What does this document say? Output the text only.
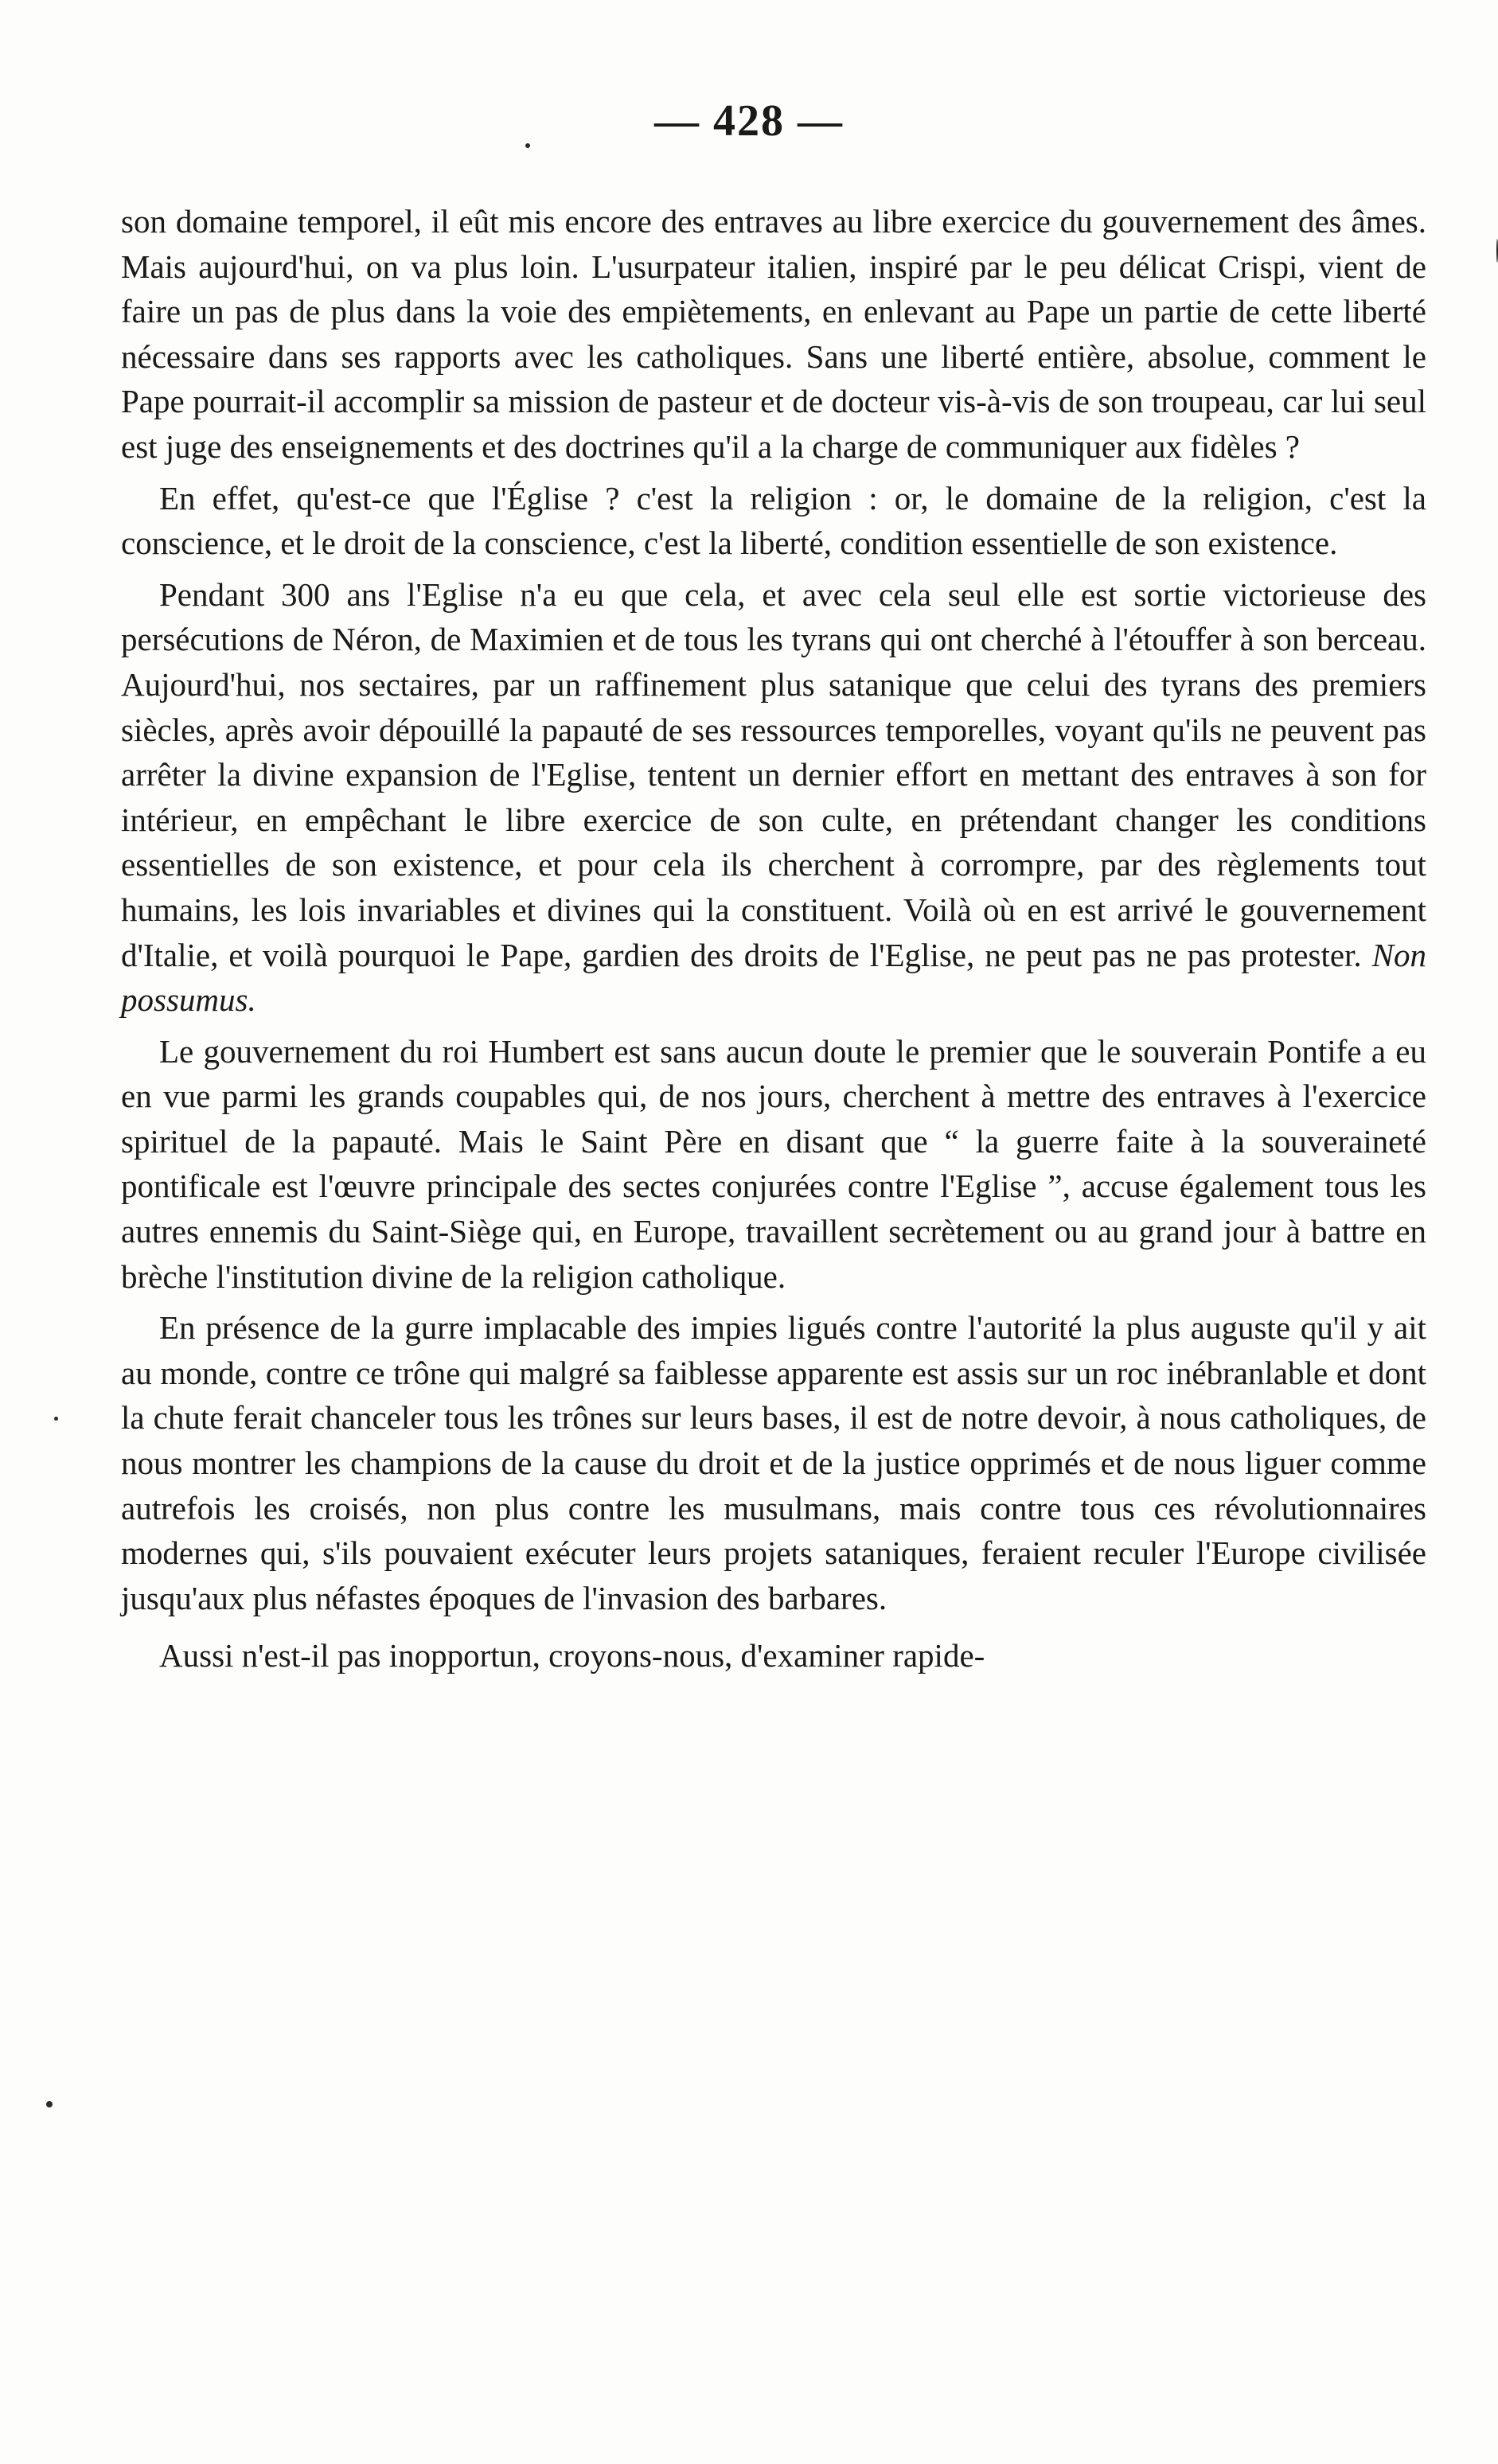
— 428 —

son domaine temporel, il eût mis encore des entraves au libre exercice du gouvernement des âmes. Mais aujourd'hui, on va plus loin. L'usurpateur italien, inspiré par le peu délicat Crispi, vient de faire un pas de plus dans la voie des empiètements, en enlevant au Pape un partie de cette liberté nécessaire dans ses rapports avec les catholiques. Sans une liberté entière, absolue, comment le Pape pourrait-il accomplir sa mission de pasteur et de docteur vis-à-vis de son troupeau, car lui seul est juge des enseignements et des doctrines qu'il a la charge de communiquer aux fidèles ?

En effet, qu'est-ce que l'Église ? c'est la religion : or, le domaine de la religion, c'est la conscience, et le droit de la conscience, c'est la liberté, condition essentielle de son existence.

Pendant 300 ans l'Eglise n'a eu que cela, et avec cela seul elle est sortie victorieuse des persécutions de Néron, de Maximien et de tous les tyrans qui ont cherché à l'étouffer à son berceau. Aujourd'hui, nos sectaires, par un raffinement plus satanique que celui des tyrans des premiers siècles, après avoir dépouillé la papauté de ses ressources temporelles, voyant qu'ils ne peuvent pas arrêter la divine expansion de l'Eglise, tentent un dernier effort en mettant des entraves à son for intérieur, en empêchant le libre exercice de son culte, en prétendant changer les conditions essentielles de son existence, et pour cela ils cherchent à corrompre, par des règlements tout humains, les lois invariables et divines qui la constituent. Voilà où en est arrivé le gouvernement d'Italie, et voilà pourquoi le Pape, gardien des droits de l'Eglise, ne peut pas ne pas protester. Non possumus.

Le gouvernement du roi Humbert est sans aucun doute le premier que le souverain Pontife a eu en vue parmi les grands coupables qui, de nos jours, cherchent à mettre des entraves à l'exercice spirituel de la papauté. Mais le Saint Père en disant que “ la guerre faite à la souveraineté pontificale est l'œuvre principale des sectes conjurées contre l'Eglise ”, accuse également tous les autres ennemis du Saint-Siège qui, en Europe, travaillent secrètement ou au grand jour à battre en brèche l'institution divine de la religion catholique.

En présence de la gurre implacable des impies ligués contre l'autorité la plus auguste qu'il y ait au monde, contre ce trône qui malgré sa faiblesse apparente est assis sur un roc inébranlable et dont la chute ferait chanceler tous les trônes sur leurs bases, il est de notre devoir, à nous catholiques, de nous montrer les champions de la cause du droit et de la justice opprimés et de nous liguer comme autrefois les croisés, non plus contre les musulmans, mais contre tous ces révolutionnaires modernes qui, s'ils pouvaient exécuter leurs projets sataniques, feraient reculer l'Europe civilisée jusqu'aux plus néfastes époques de l'invasion des barbares.

Aussi n'est-il pas inopportun, croyons-nous, d'examiner rapide-
